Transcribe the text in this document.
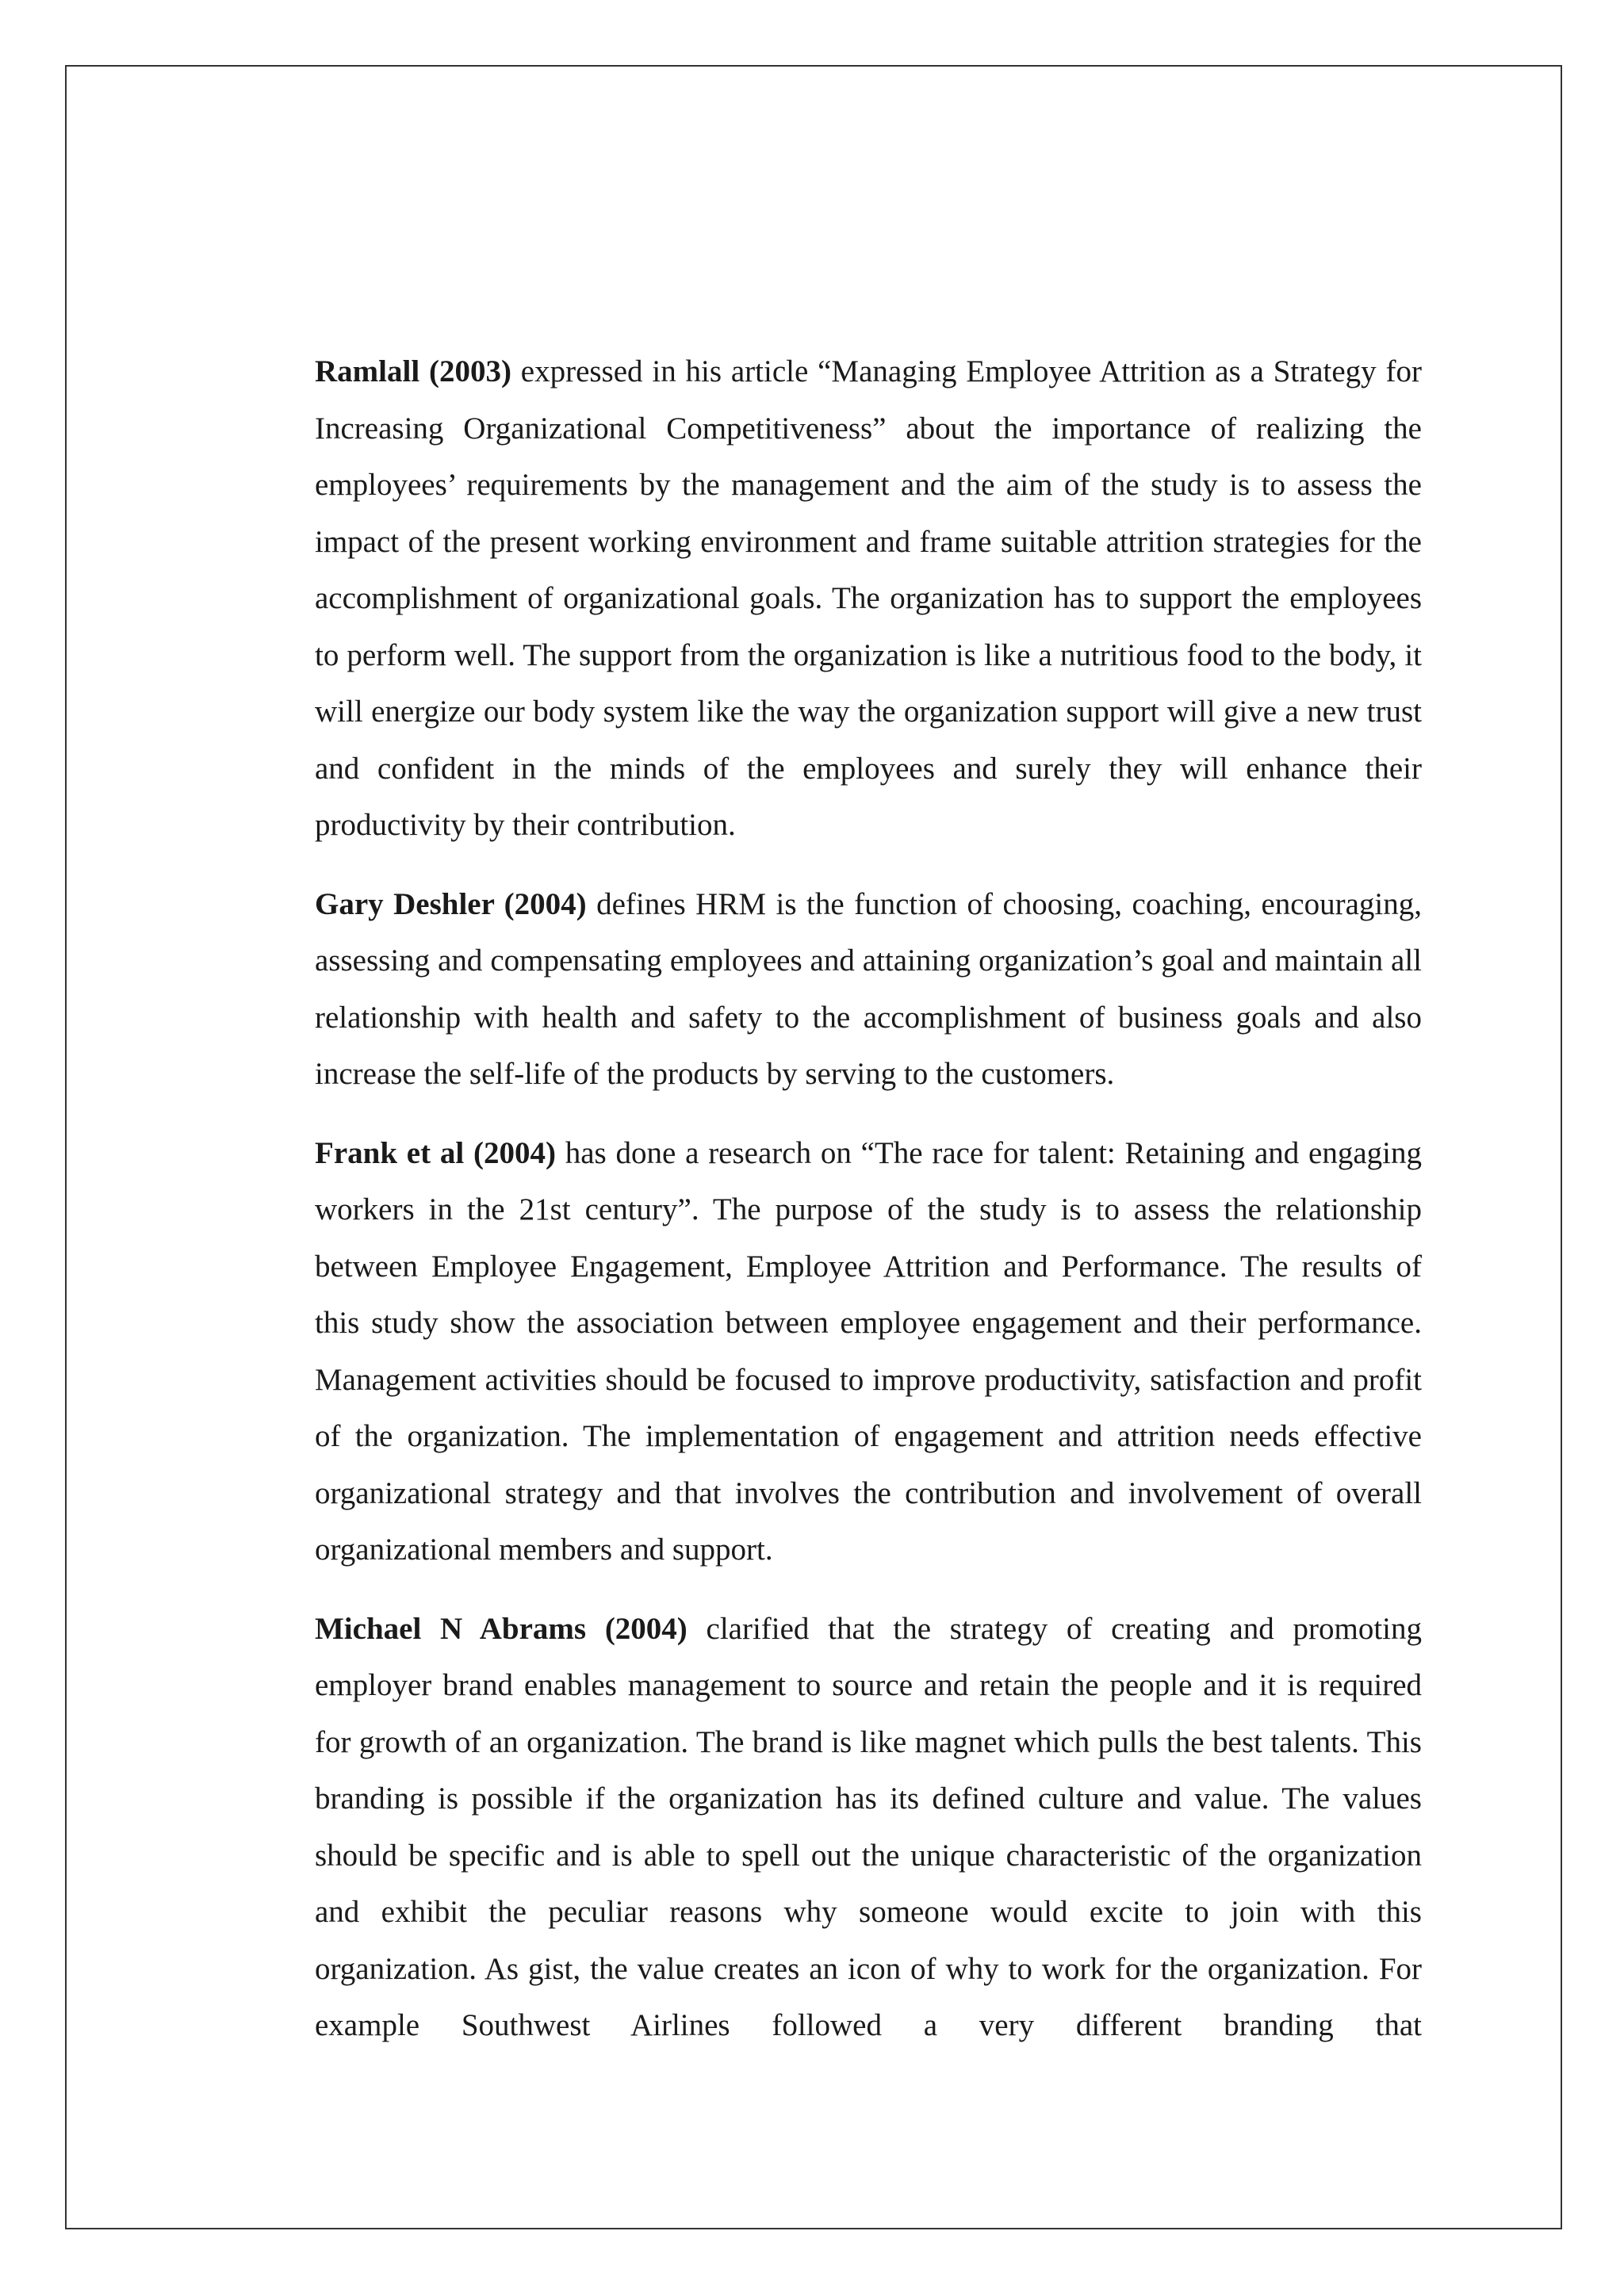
Ramlall (2003) expressed in his article “Managing Employee Attrition as a Strategy for Increasing Organizational Competitiveness” about the importance of realizing the employees’ requirements by the management and the aim of the study is to assess the impact of the present working environment and frame suitable attrition strategies for the accomplishment of organizational goals. The organization has to support the employees to perform well. The support from the organization is like a nutritious food to the body, it will energize our body system like the way the organization support will give a new trust and confident in the minds of the employees and surely they will enhance their productivity by their contribution.

Gary Deshler (2004) defines HRM is the function of choosing, coaching, encouraging, assessing and compensating employees and attaining organization’s goal and maintain all relationship with health and safety to the accomplishment of business goals and also increase the self-life of the products by serving to the customers.

Frank et al (2004) has done a research on “The race for talent: Retaining and engaging workers in the 21st century”. The purpose of the study is to assess the relationship between Employee Engagement, Employee Attrition and Performance. The results of this study show the association between employee engagement and their performance. Management activities should be focused to improve productivity, satisfaction and profit of the organization. The implementation of engagement and attrition needs effective organizational strategy and that involves the contribution and involvement of overall organizational members and support.

Michael N Abrams (2004) clarified that the strategy of creating and promoting employer brand enables management to source and retain the people and it is required for growth of an organization. The brand is like magnet which pulls the best talents. This branding is possible if the organization has its defined culture and value. The values should be specific and is able to spell out the unique characteristic of the organization and exhibit the peculiar reasons why someone would excite to join with this organization. As gist, the value creates an icon of why to work for the organization. For example Southwest Airlines followed a very different branding that
